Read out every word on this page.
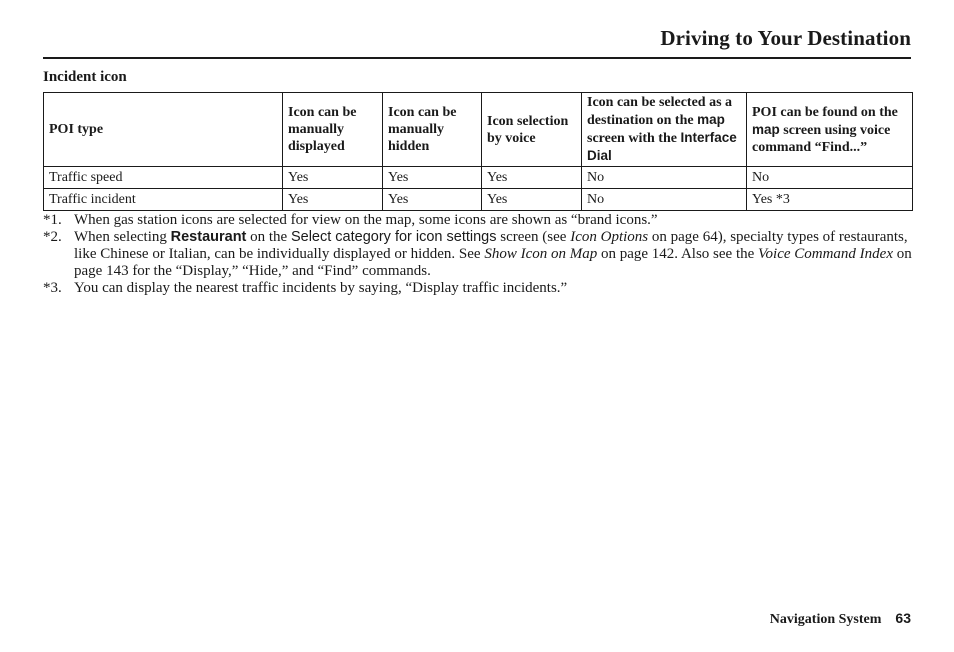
Driving to Your Destination
Incident icon
POI type	Icon can be manually displayed	Icon can be manually hidden	Icon selection by voice	Icon can be selected as a destination on the map screen with the Interface Dial	POI can be found on the map screen using voice command “Find...”
Traffic speed	Yes	Yes	Yes	No	No
Traffic incident	Yes	Yes	Yes	No	Yes *3
*1. When gas station icons are selected for view on the map, some icons are shown as “brand icons.”
*2. When selecting Restaurant on the Select category for icon settings screen (see Icon Options on page 64), specialty types of restaurants, like Chinese or Italian, can be individually displayed or hidden. See Show Icon on Map on page 142. Also see the Voice Command Index on page 143 for the “Display,” “Hide,” and “Find” commands.
*3. You can display the nearest traffic incidents by saying, “Display traffic incidents.”
Navigation System 63
